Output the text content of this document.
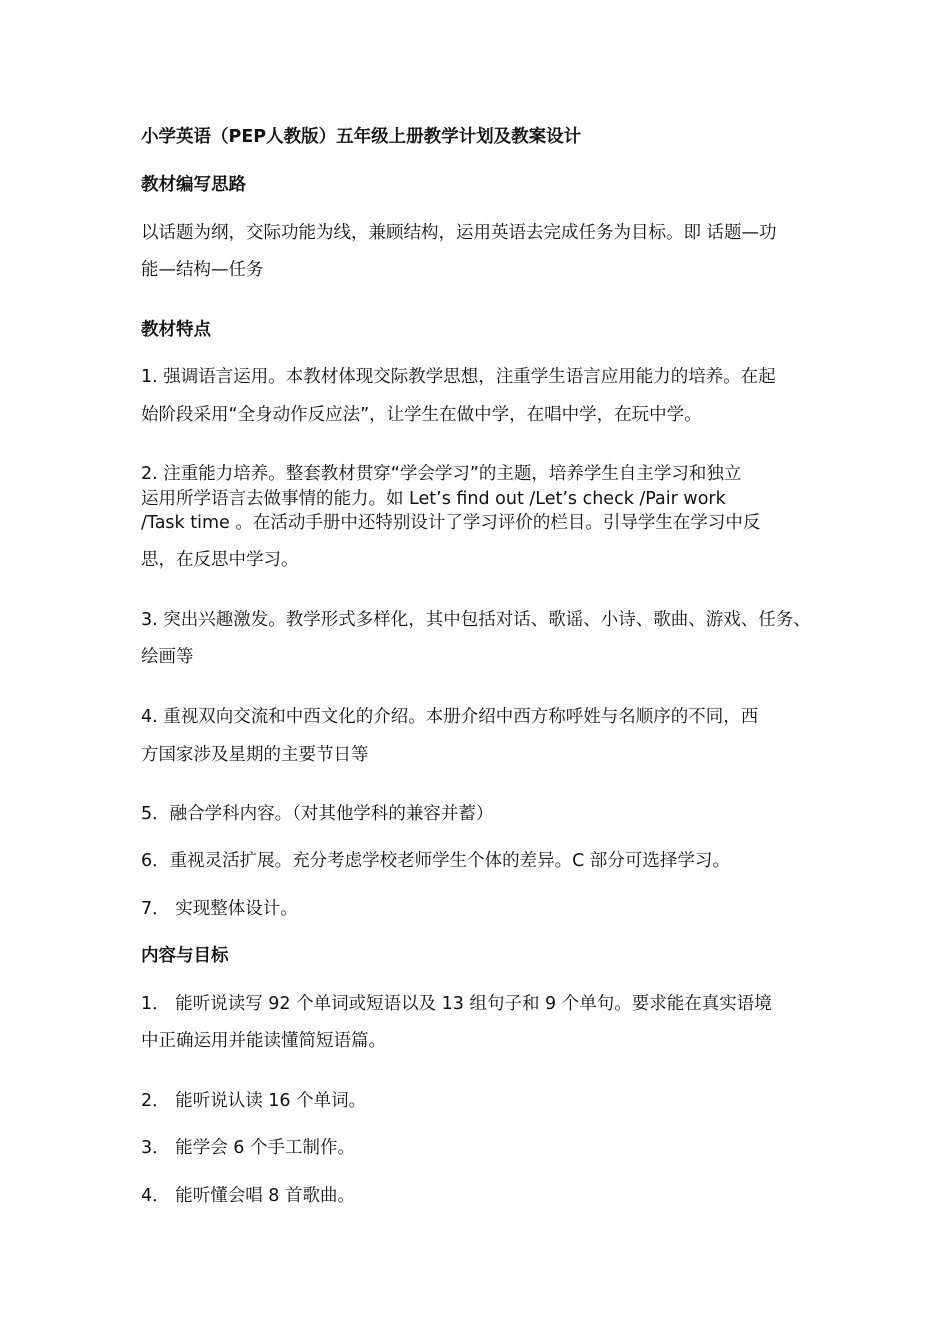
小学英语（PEP人教版）五年级上册教学计划及教案设计
教材编写思路
以话题为纲，交际功能为线，兼顾结构，运用英语去完成任务为目标。即 话题—功
能—结构—任务
教材特点
1. 强调语言运用。本教材体现交际教学思想，注重学生语言应用能力的培养。在起
始阶段采用“全身动作反应法”，让学生在做中学，在唱中学，在玩中学。
2. 注重能力培养。整套教材贯穿“学会学习”的主题，培养学生自主学习和独立
运用所学语言去做事情的能力。如 Let’s find out /Let’s check /Pair work
/Task time 。在活动手册中还特别设计了学习评价的栏目。引导学生在学习中反
思，在反思中学习。
3. 突出兴趣激发。教学形式多样化，其中包括对话、歌谣、小诗、歌曲、游戏、任务、
绘画等
4. 重视双向交流和中西文化的介绍。本册介绍中西方称呼姓与名顺序的不同，西
方国家涉及星期的主要节日等
5．融合学科内容。（对其他学科的兼容并蓄）
6．重视灵活扩展。充分考虑学校老师学生个体的差异。C 部分可选择学习。
7． 实现整体设计。
内容与目标
1． 能听说读写 92 个单词或短语以及 13 组句子和 9 个单句。要求能在真实语境
中正确运用并能读懂简短语篇。
2． 能听说认读 16 个单词。
3． 能学会 6 个手工制作。
4． 能听懂会唱 8 首歌曲。
